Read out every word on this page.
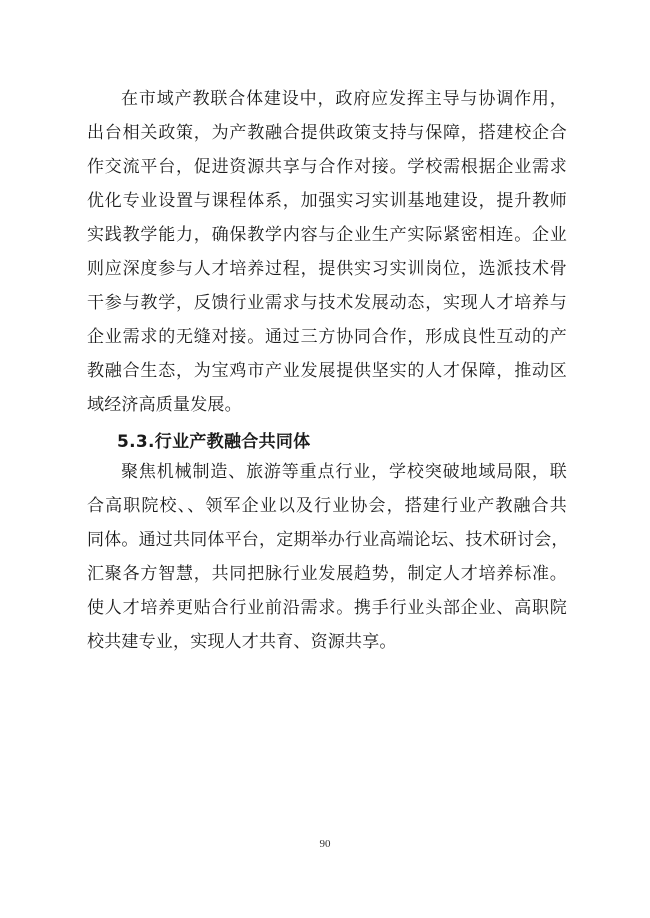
在市域产教联合体建设中，政府应发挥主导与协调作用，
出台相关政策，为产教融合提供政策支持与保障，搭建校企合
作交流平台，促进资源共享与合作对接。学校需根据企业需求
优化专业设置与课程体系，加强实习实训基地建设，提升教师
实践教学能力，确保教学内容与企业生产实际紧密相连。企业
则应深度参与人才培养过程，提供实习实训岗位，选派技术骨
干参与教学，反馈行业需求与技术发展动态，实现人才培养与
企业需求的无缝对接。通过三方协同合作，形成良性互动的产
教融合生态，为宝鸡市产业发展提供坚实的人才保障，推动区
域经济高质量发展。
5.3.行业产教融合共同体
聚焦机械制造、旅游等重点行业，学校突破地域局限，联
合高职院校、、领军企业以及行业协会，搭建行业产教融合共
同体。通过共同体平台，定期举办行业高端论坛、技术研讨会，
汇聚各方智慧，共同把脉行业发展趋势，制定人才培养标准。
使人才培养更贴合行业前沿需求。携手行业头部企业、高职院
校共建专业，实现人才共育、资源共享。
90
